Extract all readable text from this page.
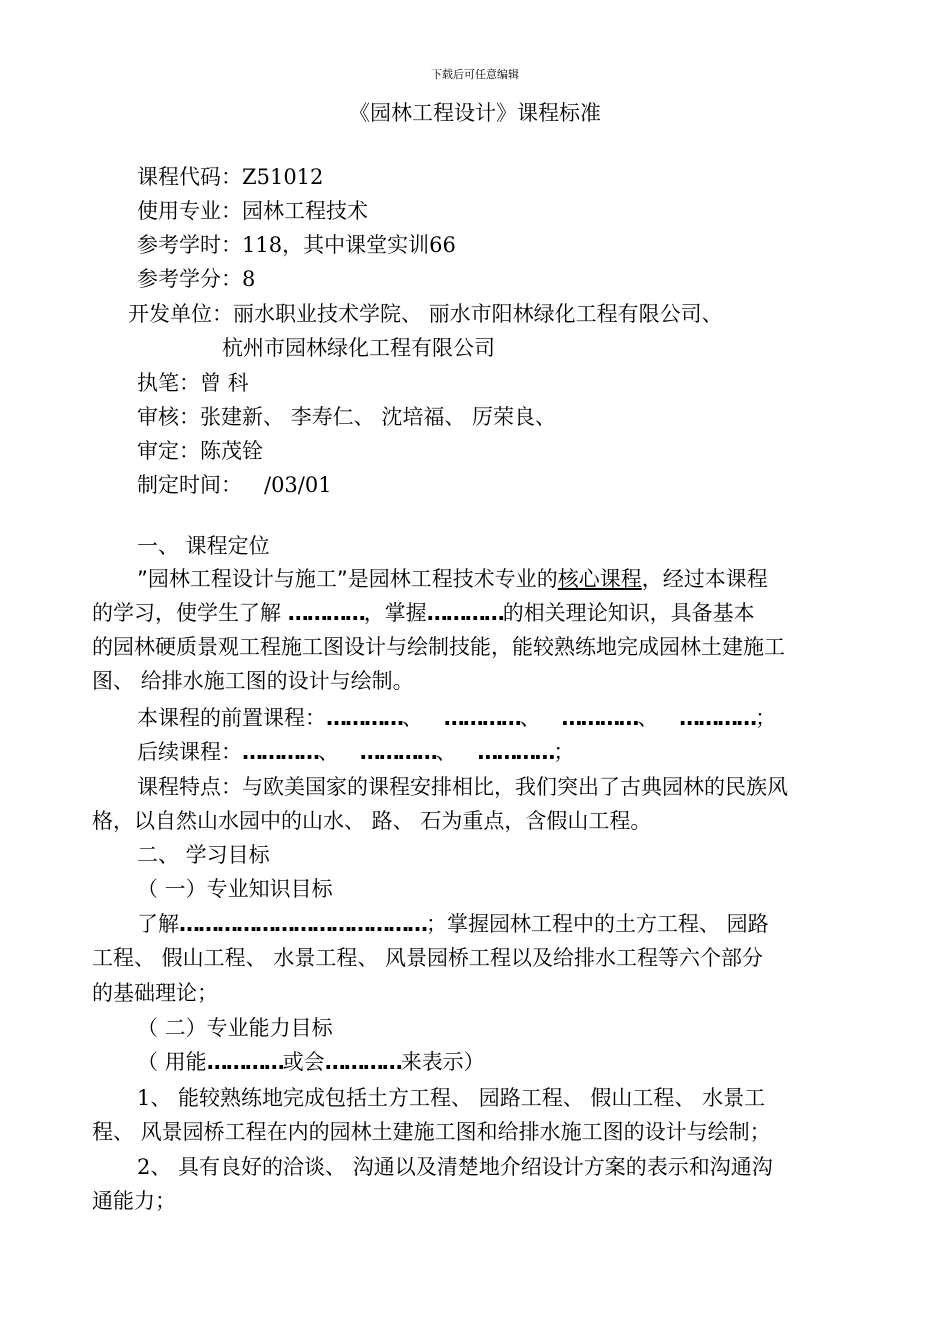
下载后可任意编辑
《园林工程设计》课程标准
课程代码：Z51012
使用专业：园林工程技术
参考学时：118，其中课堂实训66
参考学分：8
开发单位：丽水职业技术学院、 丽水市阳林绿化工程有限公司、
杭州市园林绿化工程有限公司
执笔：曾 科
审核：张建新、 李寿仁、 沈培福、 厉荣良、
审定：陈茂铨
制定时间： /03/01
一、 课程定位
”园林工程设计与施工”是园林工程技术专业的核心课程，经过本课程
的学习，使学生了解 …………，掌握…………的相关理论知识，具备基本
的园林硬质景观工程施工图设计与绘制技能，能较熟练地完成园林土建施工
图、 给排水施工图的设计与绘制。
本课程的前置课程：…………、 …………、 …………、 …………；
后续课程：…………、 …………、 …………；
课程特点：与欧美国家的课程安排相比，我们突出了古典园林的民族风
格，以自然山水园中的山水、 路、 石为重点，含假山工程。
二、 学习目标
（ 一）专业知识目标
了解…………………………………；掌握园林工程中的土方工程、 园路
工程、 假山工程、 水景工程、 风景园桥工程以及给排水工程等六个部分
的基础理论；
（ 二）专业能力目标
（ 用能…………或会…………来表示）
1、 能较熟练地完成包括土方工程、 园路工程、 假山工程、 水景工
程、 风景园桥工程在内的园林土建施工图和给排水施工图的设计与绘制；
2、 具有良好的洽谈、 沟通以及清楚地介绍设计方案的表示和沟通沟
通能力；
